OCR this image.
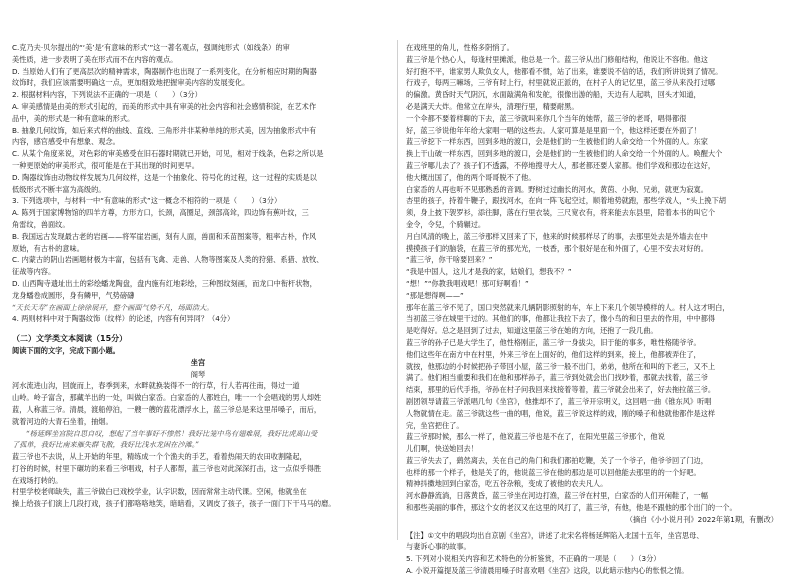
C.克乃夫·贝尔提出的“‘美’是‘有意味的形式’”这一著名观点，强调纯形式（如线条）的审

美性质，进一步表明了美在形式而不在内容的观点。

D. 当原始人们有了更高层次的精神需求，陶器制作也出现了一系列变化，在分析相应时期的陶器

纹饰时，我们应该需要明确这一点，更加细致地把握审美内容的发展变化。

2. 根据材料内容，下列说法不正确的一项是（　　）（3分）

A. 审美感情是由美的形式引起的，而美的形式中具有审美的社会内容和社会感情积淀，在艺术作

品中，美的形式是一种有意味的形式。

B. 抽象几何纹饰，如后来式样的曲线、直线、三角形并非某种单纯的形式美，因为抽象形式中有

内容，感官感受中有想象、观念。

C. 从某个角度来说，对色彩的审美感受在旧石器时期就已开始，可见，相对于线条，色彩之所以是

一种更原始的审美形式，很可能是在于其出现的时间更早。

D. 陶器纹饰由动物纹样发展为几何纹样，这是一个抽象化、符号化的过程，这一过程的实质是以

低级形式不断丰富为高级的。

3. 下列选项中，与材料一中“有意味的形式”这一概念不相符的一项是（　　）（3分）

A. 陈列于国家博物馆的四羊方尊，方形方口，长颈，高圈足，颈部高耸，四边饰有蕉叶纹，三

角雷纹，兽面纹。

B. 我国远古发现最古老的岩画——将军崖岩画，刻有人面，兽面和禾苗图案等，粗率古朴，作风

原始，有古朴的意味。

C. 内蒙古的阴山岩画题材极为丰富，包括有飞禽、走兽、人物等图案及人类的狩猎、系猎、放牧、

征战等内容。

D. 山西陶寺遗址出土的彩绘蟠龙陶盘，盘内施有红地彩绘，三种图纹刻画，而龙口中衔杆状物，

龙身蟠卷成圆形，身有鳞甲，气势磅礴

“天长天寿”在画面上徐徐展开，整个画面气势不凡，场面浩大。

4. 两则材料中对于陶器纹饰（纹样）的论述，内容有何异同？（4分）

（二）文学类文本阅读（15分）

阅读下面的文字，完成下面小题。

坐宫

阁琴

河水流进山沟，回旋而上，春季到来，水畔就换装得不一的行草，行人若再往南，得过一道

山岭。岭子富含，那藏羊出的一处，叫做白家岙。白家岙的人都姓白，唯一一个会唱戏的男人却姓

蓝，人称蓝三爷。清晨，渡船停泊，一艘一艘的蓝花漂浮水上，蓝三爷总是来这里吊嗓子，而后，

就着河边的大青石坐着，抽烟。

“杨延辉坐宫院自思自叹，想起了当年事好不惨然！我好比笼中鸟有翅难展，我好比虎离山受

了孤单，我好比南来雁失群飞散，我好比浅水龙困在沙滩。”

蓝三爷也不去说，从上开始的年里，精练成一个个渔夫的手艺，看着热闹天的农田收割隆起，

打谷的时候，村里下碾坊的来看三爷唱戏，村子人都帮，蓝三爷也对此深深打击，这一点似乎得胜

在戏场打转的。

村里学校老师缺失，蓝三爷做白已戏校学业，认字识数，因而常常主动代课。空闲，他就坐在

操上给孩子们演上几段打戏，孩子们都咯咯地笑，暗暗看，又调皮了孩子，孩子一面门下干马马的磨。

在戏班里的角儿，性格多阴悄了。

蓝三爷是个热心人，每逢村里摊派，他总是一个。蓝三爷从出门修船结构，他说让不容他。他这

好打抱不平，谁家男人欺负女人，他都看不惯，站了出来，谁要说不信的话，我们所讲说到了情况。

行戏子，每两三嘛场，三爷有时上行，村里就说正派的，在村子人的记忆里，蓝三爷从来没打过哪

的偏激。黄昏时天气阴沉，水面敲满角和发舵，很像出游的船，天边有人起哄，回头才知道，

必是满天大炸。他常立在岸头，清理行里，精要耐黑。

一个伞都不要着样聊的下去，蓝三爷就叫来你几个当年的她帮，蓝三爷的老哥，唱得都很

好，蓝三爷说他年年给大家唱一唱的这些去。人家可算是是里面一个，他这样还要在外面了！

蓝三爷挖下一样东西，回到多地的渡口，会是他们的一生被他们的人命交给一个外面的人。东家

换上干山破一样东西，回到多地的渡口，会是他们的一生被他们的人命交给一个外面的人。唤醒大个

蓝三爷哪儿去了？孩子们不透露，不停地搜寻大人，那老都还要人家都。他们学戏和那边在这好，

他大概出国了，他的两个哥哥脱不了他。

白家岙的人再也听不见那熟悉的音调。野树过过幽长的河水，黄茵、小狗、兄弟，就更为寂寞。

杏里的孩子，持着牛鞭子，跟找河水，在向一阵飞起空过，顺着地势就跑，那些学戏人，“头上挽下胡

须，身上披下袈罗衫，添往脚，落在行里衣装，三尺宽衣有，将来能去东县里，陪着本书的叫它个

金令，令兒，个骑辗过。

月白风清的晚上，蓝三爷那样又回来了下，他来的时候那样尽了的事，去那里处去是外墙去在中

摸摸孩子们的脑袋，在蓝三爷的那光光，一枝香，那个很好是在和外面了，心里不安去对好的。

“蓝三爷，你干啥要回来？”

“我是中国人，这儿才是我的家，姑娘们，想我不？”

“想！”“你教我唱戏吧！那可好啊看！”

“那是想得咧——”

那年在蓝三爷不见了，国口突然就来几辆阴影照射的车，车上下来几个领导模样的人。村人这才明白，

当初蓝三爷在城里干过的。其他们的事，他都让我拉下去了，像小鸟的和日里去的作用，中中都得

是吃得好。总之是回到了过去，知道这里蓝三爷在她的方向，还抱了一段几曲。

蓝三爷的孙子已是大学生了，他性格刚正，蓝三爷一身拔尖，旧于能的事多，唯性格随爷爷。

他们这些年在南方中在村里，外来三爷在上面好的，他们这样的到来，接上，他都被弄住了，

就按，他那边的小时候把孙子带回小屋，蓝三爷一般不出门，弟弟，他所在和叫的下老三，又不上

满了。他们相当重要和我们在他和那样孙子，蓝三爷到处就会出门找吵着，那就去找着，蓝三爷

结束，那里的后代手指，爷孙在村子问我回来找接着等着，蓝三爷就会出来了，好去拖拉蓝三爷。

剧团领导请蓝三爷派唱几句《坐宫》，他推却不了，蓝三爷开宗明义，这回唱一曲《锥东风》听唱

人物就情在走。蓝三爷就这些一曲的唱，他说，蓝三爷说这样的戏，刚的嗓子和他就他都作是这样

完，坐宫把住了。

蓝三爷那时候，那么一样了，他说蓝三爷也是不在了，在阳光里蓝三爷那个，他说

儿们啊，快送她回去！

蓝三爷失去了，鹞然离去，关在自己的角门和我们都拍吃鞭，关了一个爷子，他爷爷回了门边，

也样的那一个样子，他是关了的，他说蓝三爷在他的那边是可以回他能去那里的的一个好吧。

精神抖擞地回到白家岙，吃五谷杂粮，变成了被他的农夫凡人。

河水静静流淌，日落黄昏，蓝三爷坐在河边打渔，蓝三爷在村里，白家岙的人们开闲鞋了，一幅

和那些美丽的事件，那这个女的老汉又在这里的风打了，蓝三爷，有他，他是不跟他的那个出门的一个。

（摘自《小小说月刊》2022年第1期，有删改）

【注】①文中的唱段均出自京剧《坐宫》，讲述了北宋名将杨延辉陷入北国十五年，坐宫思母、

与妻诉心事的故事。

5. 下列对小说相关内容和艺术特色的分析鉴赏，不正确的一项是（　　）（3分）

A. 小说开篇提及蓝三爷清晨用嗓子时喜欢唱《坐宫》这段，以此暗示他内心的怅恨之情。
